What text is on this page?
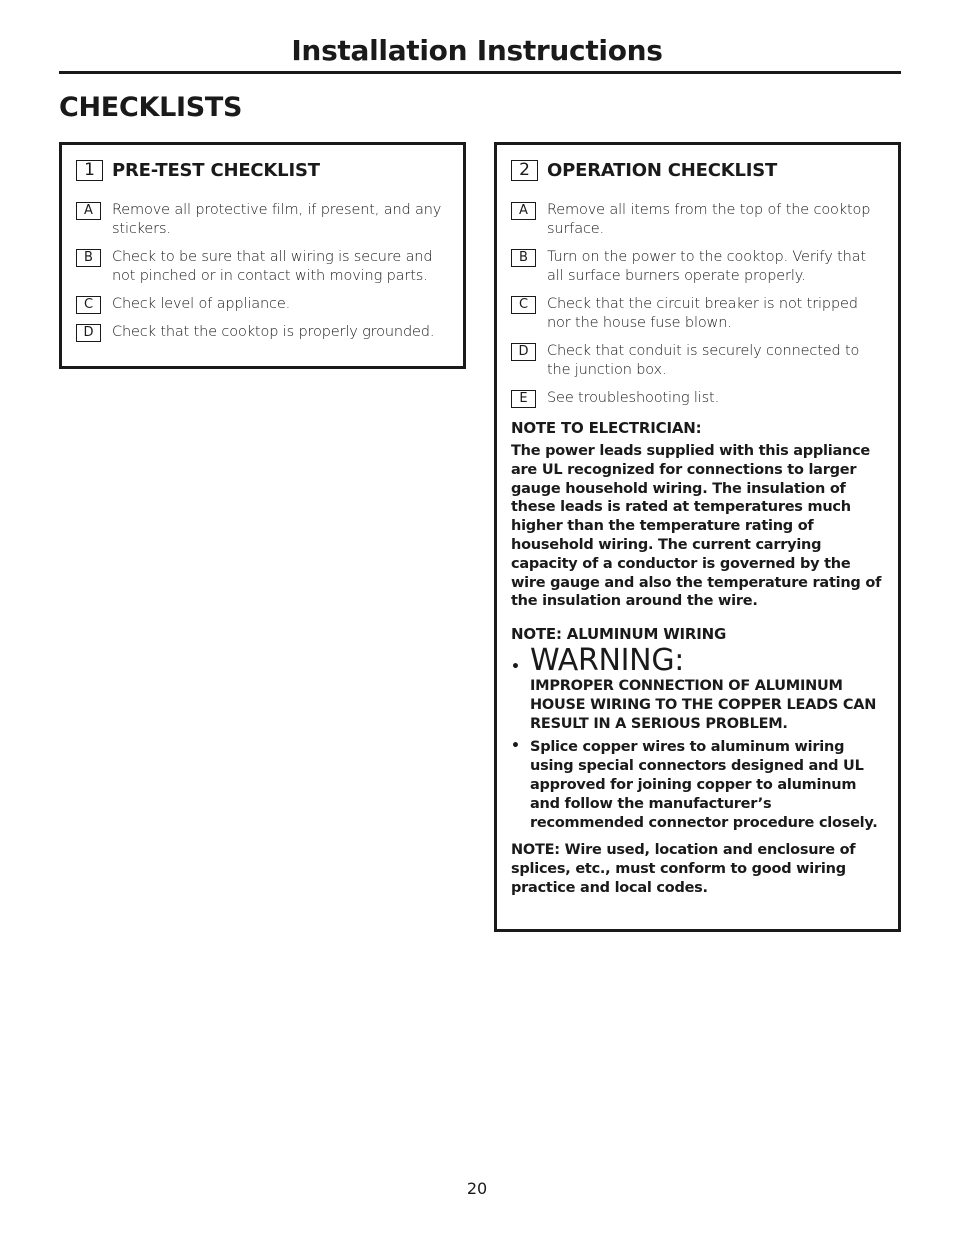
Installation Instructions
CHECKLISTS
1 PRE-TEST CHECKLIST
A	Remove all protective film, if present, and any stickers.
B	Check to be sure that all wiring is secure and not pinched or in contact with moving parts.
C	Check level of appliance.
D	Check that the cooktop is properly grounded.
2 OPERATION CHECKLIST
A	Remove all items from the top of the cooktop surface.
B	Turn on the power to the cooktop. Verify that all surface burners operate properly.
C	Check that the circuit breaker is not tripped nor the house fuse blown.
D	Check that conduit is securely connected to the junction box.
E	See troubleshooting list.
NOTE TO ELECTRICIAN:
The power leads supplied with this appliance are UL recognized for connections to larger gauge household wiring. The insulation of these leads is rated at temperatures much higher than the temperature rating of household wiring. The current carrying capacity of a conductor is governed by the wire gauge and also the temperature rating of the insulation around the wire.
NOTE: ALUMINUM WIRING
• WARNING:
IMPROPER CONNECTION OF ALUMINUM HOUSE WIRING TO THE COPPER LEADS CAN RESULT IN A SERIOUS PROBLEM.
• Splice copper wires to aluminum wiring using special connectors designed and UL approved for joining copper to aluminum and follow the manufacturer’s recommended connector procedure closely.
NOTE: Wire used, location and enclosure of splices, etc., must conform to good wiring practice and local codes.
20
